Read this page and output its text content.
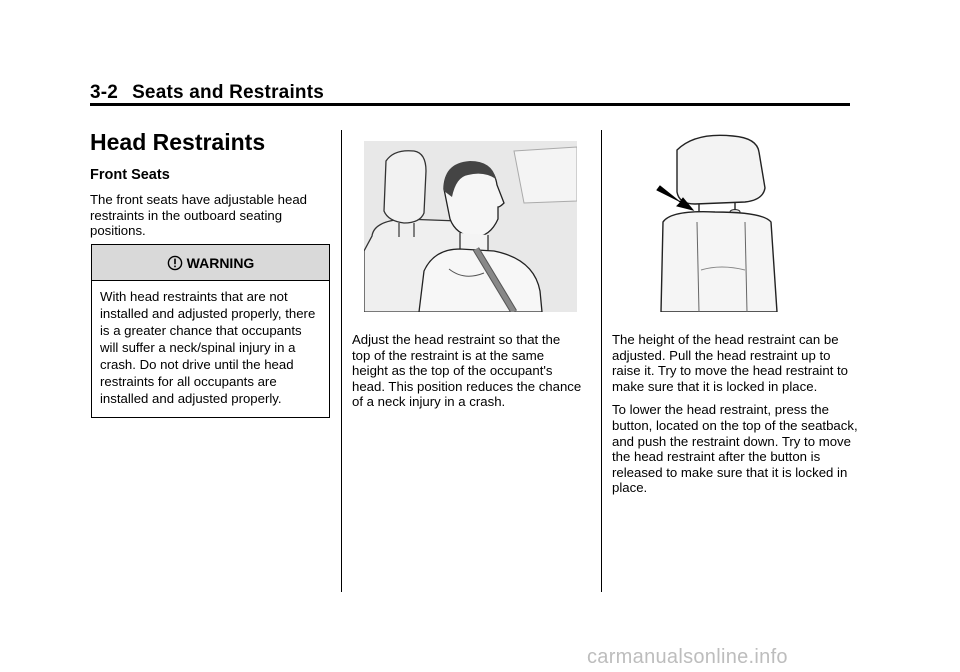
3-2 Seats and Restraints
Head Restraints
Front Seats

The front seats have adjustable head restraints in the outboard seating positions.

WARNING
With head restraints that are not installed and adjusted properly, there is a greater chance that occupants will suffer a neck/spinal injury in a crash. Do not drive until the head restraints for all occupants are installed and adjusted properly.

Adjust the head restraint so that the top of the restraint is at the same height as the top of the occupant's head. This position reduces the chance of a neck injury in a crash.

The height of the head restraint can be adjusted. Pull the head restraint up to raise it. Try to move the head restraint to make sure that it is locked in place.

To lower the head restraint, press the button, located on the top of the seatback, and push the restraint down. Try to move the head restraint after the button is released to make sure that it is locked in place.

carmanualsonline.info
